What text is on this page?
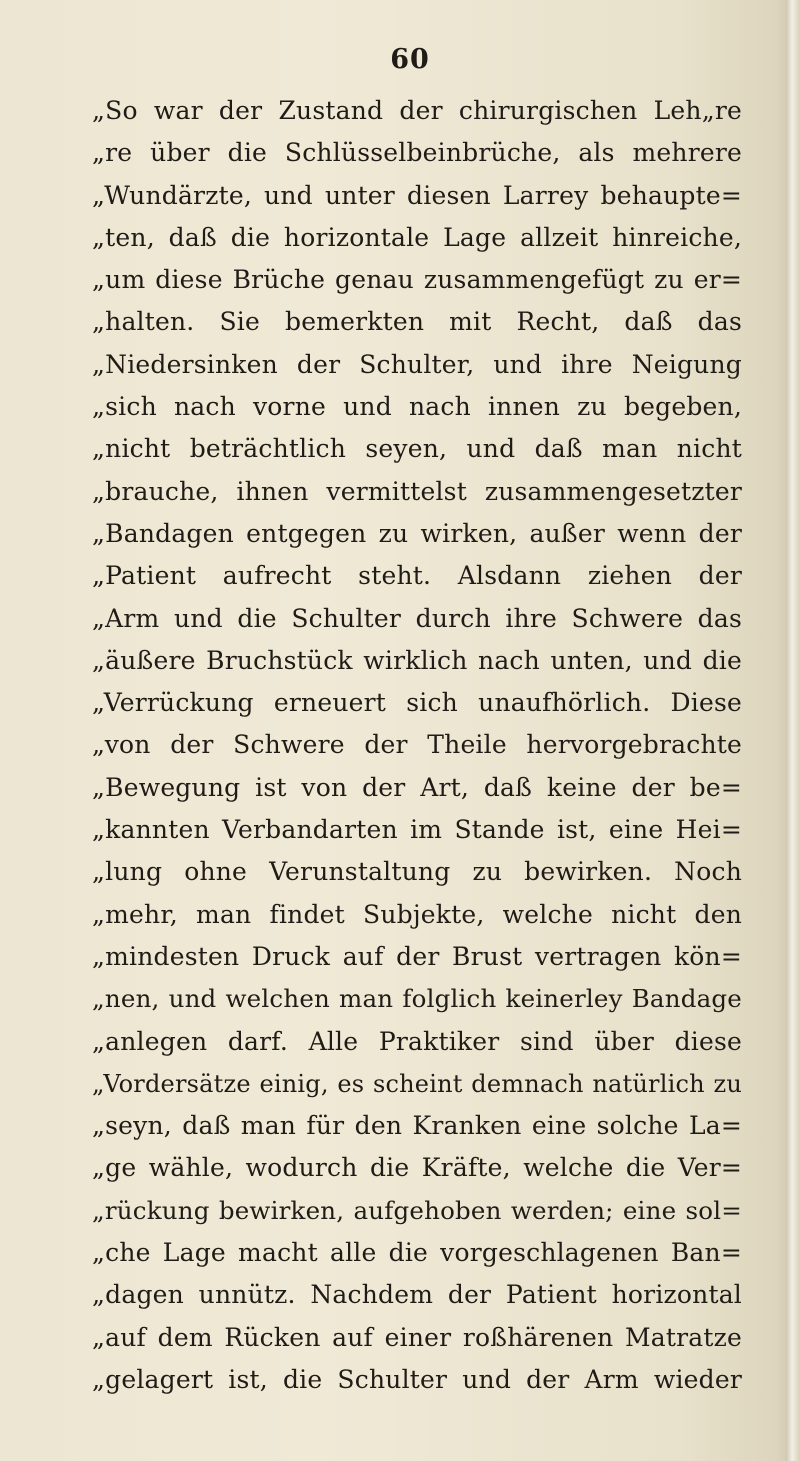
60
„So war der Zustand der chirurgischen Leh„re
„re über die Schlüsselbeinbrüche, als mehrere
„Wundärzte, und unter diesen Larrey behaupte=
„ten, daß die horizontale Lage allzeit hinreiche,
„um diese Brüche genau zusammengefügt zu er=
„halten. Sie bemerkten mit Recht, daß das
„Niedersinken der Schulter, und ihre Neigung
„sich nach vorne und nach innen zu begeben,
„nicht beträchtlich seyen, und daß man nicht
„brauche, ihnen vermittelst zusammengesetzter
„Bandagen entgegen zu wirken, außer wenn der
„Patient aufrecht steht. Alsdann ziehen der
„Arm und die Schulter durch ihre Schwere das
„äußere Bruchstück wirklich nach unten, und die
„Verrückung erneuert sich unaufhörlich. Diese
„von der Schwere der Theile hervorgebrachte
„Bewegung ist von der Art, daß keine der be=
„kannten Verbandarten im Stande ist, eine Hei=
„lung ohne Verunstaltung zu bewirken. Noch
„mehr, man findet Subjekte, welche nicht den
„mindesten Druck auf der Brust vertragen kön=
„nen, und welchen man folglich keinerley Bandage
„anlegen darf. Alle Praktiker sind über diese
„Vordersätze einig, es scheint demnach natürlich zu
„seyn, daß man für den Kranken eine solche La=
„ge wähle, wodurch die Kräfte, welche die Ver=
„rückung bewirken, aufgehoben werden; eine sol=
„che Lage macht alle die vorgeschlagenen Ban=
„dagen unnütz. Nachdem der Patient horizontal
„auf dem Rücken auf einer roßhärenen Matratze
„gelagert ist, die Schulter und der Arm wieder
